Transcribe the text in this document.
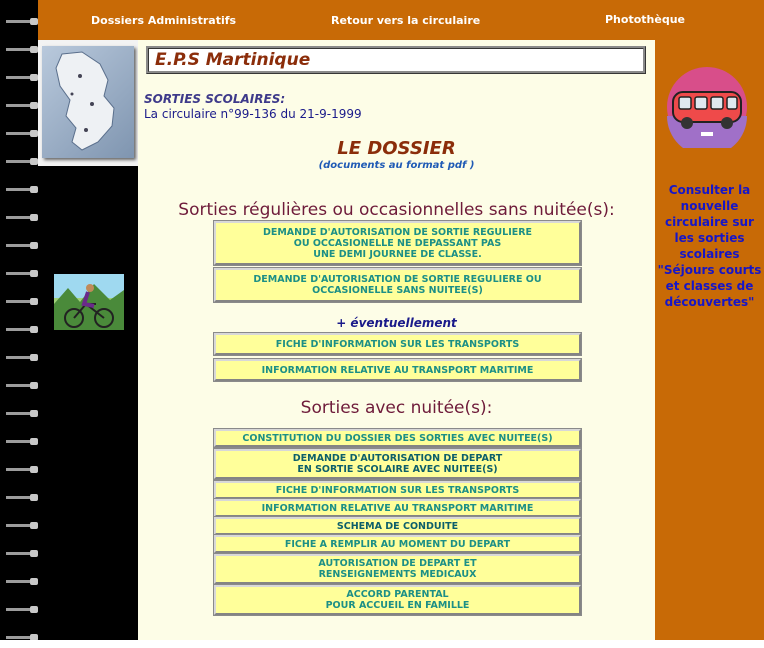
Dossiers Administratifs	Retour vers la circulaire	Photothèque
E.P.S Martinique
SORTIES SCOLAIRES:
La circulaire n°99-136 du 21-9-1999
LE DOSSIER
(documents au format pdf )
Sorties régulières ou occasionnelles sans nuitée(s):
DEMANDE D'AUTORISATION DE SORTIE REGULIERE
OU OCCASIONELLE NE DEPASSANT PAS
UNE DEMI JOURNEE DE CLASSE.
DEMANDE D'AUTORISATION DE SORTIE REGULIERE OU
OCCASIONELLE SANS NUITEE(S)
+ éventuellement
FICHE D'INFORMATION SUR LES TRANSPORTS
INFORMATION RELATIVE AU TRANSPORT MARITIME
Sorties avec nuitée(s):
CONSTITUTION DU DOSSIER DES SORTIES AVEC NUITEE(S)
DEMANDE D'AUTORISATION DE DEPART
EN SORTIE SCOLAIRE AVEC NUITEE(S)
FICHE D'INFORMATION SUR LES TRANSPORTS
INFORMATION RELATIVE AU TRANSPORT MARITIME
SCHEMA DE CONDUITE
FICHE A REMPLIR AU MOMENT DU DEPART
AUTORISATION DE DEPART ET
RENSEIGNEMENTS MEDICAUX
ACCORD PARENTAL
POUR ACCUEIL EN FAMILLE
Consulter la nouvelle circulaire sur les sorties scolaires "Séjours courts et classes de découvertes"
